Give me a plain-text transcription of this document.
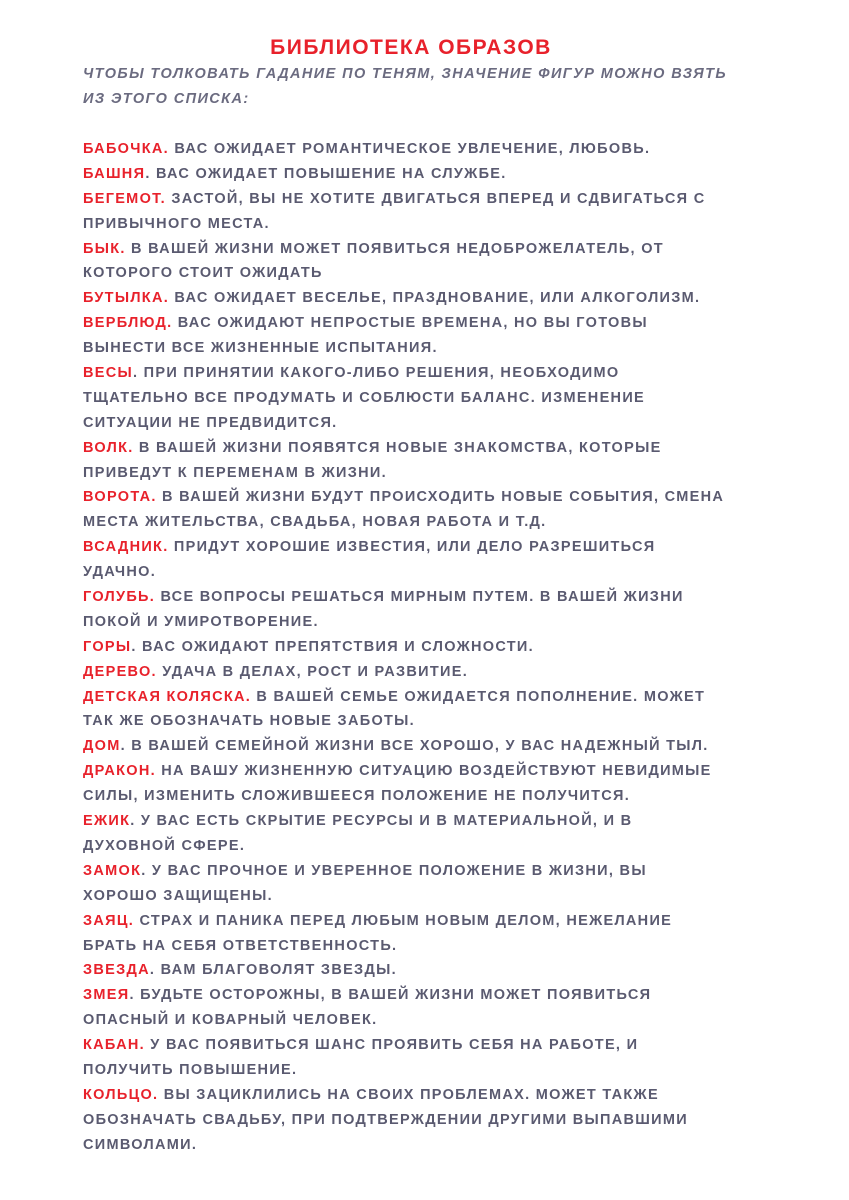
БИБЛИОТЕКА ОБРАЗОВ
ЧТОБЫ ТОЛКОВАТЬ ГАДАНИЕ ПО ТЕНЯМ, ЗНАЧЕНИЕ ФИГУР МОЖНО ВЗЯТЬ
ИЗ ЭТОГО СПИСКА:
БАБОЧКА. ВАС ОЖИДАЕТ РОМАНТИЧЕСКОЕ УВЛЕЧЕНИЕ, ЛЮБОВЬ.
БАШНЯ. ВАС ОЖИДАЕТ ПОВЫШЕНИЕ НА СЛУЖБЕ.
БЕГЕМОТ. ЗАСТОЙ, ВЫ НЕ ХОТИТЕ ДВИГАТЬСЯ ВПЕРЕД И СДВИГАТЬСЯ С
ПРИВЫЧНОГО МЕСТА.
БЫК. В ВАШЕЙ ЖИЗНИ МОЖЕТ ПОЯВИТЬСЯ НЕДОБРОЖЕЛАТЕЛЬ, ОТ
КОТОРОГО СТОИТ ОЖИДАТЬ
БУТЫЛКА. ВАС ОЖИДАЕТ ВЕСЕЛЬЕ, ПРАЗДНОВАНИЕ, ИЛИ АЛКОГОЛИЗМ.
ВЕРБЛЮД. ВАС ОЖИДАЮТ НЕПРОСТЫЕ ВРЕМЕНА, НО ВЫ ГОТОВЫ
ВЫНЕСТИ ВСЕ ЖИЗНЕННЫЕ ИСПЫТАНИЯ.
ВЕСЫ. ПРИ ПРИНЯТИИ КАКОГО-ЛИБО РЕШЕНИЯ, НЕОБХОДИМО
ТЩАТЕЛЬНО ВСЕ ПРОДУМАТЬ И СОБЛЮСТИ БАЛАНС. ИЗМЕНЕНИЕ
СИТУАЦИИ НЕ ПРЕДВИДИТСЯ.
ВОЛК. В ВАШЕЙ ЖИЗНИ ПОЯВЯТСЯ НОВЫЕ ЗНАКОМСТВА, КОТОРЫЕ
ПРИВЕДУТ К ПЕРЕМЕНАМ В ЖИЗНИ.
ВОРОТА. В ВАШЕЙ ЖИЗНИ БУДУТ ПРОИСХОДИТЬ НОВЫЕ СОБЫТИЯ, СМЕНА
МЕСТА ЖИТЕЛЬСТВА, СВАДЬБА, НОВАЯ РАБОТА И Т.Д.
ВСАДНИК. ПРИДУТ ХОРОШИЕ ИЗВЕСТИЯ, ИЛИ ДЕЛО РАЗРЕШИТЬСЯ
УДАЧНО.
ГОЛУБЬ. ВСЕ ВОПРОСЫ РЕШАТЬСЯ МИРНЫМ ПУТЕМ. В ВАШЕЙ ЖИЗНИ
ПОКОЙ И УМИРОТВОРЕНИЕ.
ГОРЫ. ВАС ОЖИДАЮТ ПРЕПЯТСТВИЯ И СЛОЖНОСТИ.
ДЕРЕВО. УДАЧА В ДЕЛАХ, РОСТ И РАЗВИТИЕ.
ДЕТСКАЯ КОЛЯСКА. В ВАШЕЙ СЕМЬЕ ОЖИДАЕТСЯ ПОПОЛНЕНИЕ. МОЖЕТ
ТАК ЖЕ ОБОЗНАЧАТЬ НОВЫЕ ЗАБОТЫ.
ДОМ. В ВАШЕЙ СЕМЕЙНОЙ ЖИЗНИ ВСЕ ХОРОШО, У ВАС НАДЕЖНЫЙ ТЫЛ.
ДРАКОН. НА ВАШУ ЖИЗНЕННУЮ СИТУАЦИЮ ВОЗДЕЙСТВУЮТ НЕВИДИМЫЕ
СИЛЫ, ИЗМЕНИТЬ СЛОЖИВШЕЕСЯ ПОЛОЖЕНИЕ НЕ ПОЛУЧИТСЯ.
ЕЖИК. У ВАС ЕСТЬ СКРЫТИЕ РЕСУРСЫ И В МАТЕРИАЛЬНОЙ, И В
ДУХОВНОЙ СФЕРЕ.
ЗАМОК. У ВАС ПРОЧНОЕ И УВЕРЕННОЕ ПОЛОЖЕНИЕ В ЖИЗНИ, ВЫ
ХОРОШО ЗАЩИЩЕНЫ.
ЗАЯЦ. СТРАХ И ПАНИКА ПЕРЕД ЛЮБЫМ НОВЫМ ДЕЛОМ, НЕЖЕЛАНИЕ
БРАТЬ НА СЕБЯ ОТВЕТСТВЕННОСТЬ.
ЗВЕЗДА. ВАМ БЛАГОВОЛЯТ ЗВЕЗДЫ.
ЗМЕЯ. БУДЬТЕ ОСТОРОЖНЫ, В ВАШЕЙ ЖИЗНИ МОЖЕТ ПОЯВИТЬСЯ
ОПАСНЫЙ И КОВАРНЫЙ ЧЕЛОВЕК.
КАБАН. У ВАС ПОЯВИТЬСЯ ШАНС ПРОЯВИТЬ СЕБЯ НА РАБОТЕ, И
ПОЛУЧИТЬ ПОВЫШЕНИЕ.
КОЛЬЦО. ВЫ ЗАЦИКЛИЛИСЬ НА СВОИХ ПРОБЛЕМАХ. МОЖЕТ ТАКЖЕ
ОБОЗНАЧАТЬ СВАДЬБУ, ПРИ ПОДТВЕРЖДЕНИИ ДРУГИМИ ВЫПАВШИМИ
СИМВОЛАМИ.
